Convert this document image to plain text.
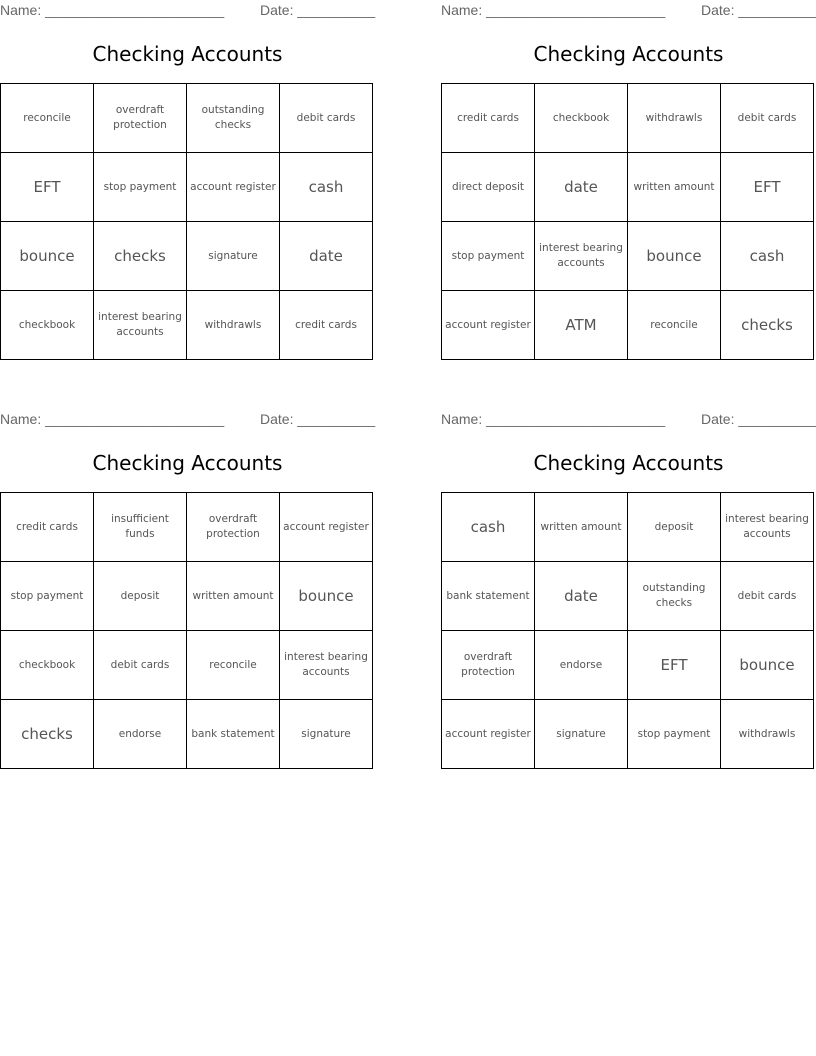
Name: _______________________	Date: __________
Checking Accounts
reconcile	overdraft protection	outstanding checks	debit cards
EFT	stop payment	account register	cash
bounce	checks	signature	date
checkbook	interest bearing accounts	withdrawls	credit cards
Name: _______________________	Date: __________
Checking Accounts
credit cards	checkbook	withdrawls	debit cards
direct deposit	date	written amount	EFT
stop payment	interest bearing accounts	bounce	cash
account register	ATM	reconcile	checks
Name: _______________________	Date: __________
Checking Accounts
credit cards	insufficient funds	overdraft protection	account register
stop payment	deposit	written amount	bounce
checkbook	debit cards	reconcile	interest bearing accounts
checks	endorse	bank statement	signature
Name: _______________________	Date: __________
Checking Accounts
cash	written amount	deposit	interest bearing accounts
bank statement	date	outstanding checks	debit cards
overdraft protection	endorse	EFT	bounce
account register	signature	stop payment	withdrawls
